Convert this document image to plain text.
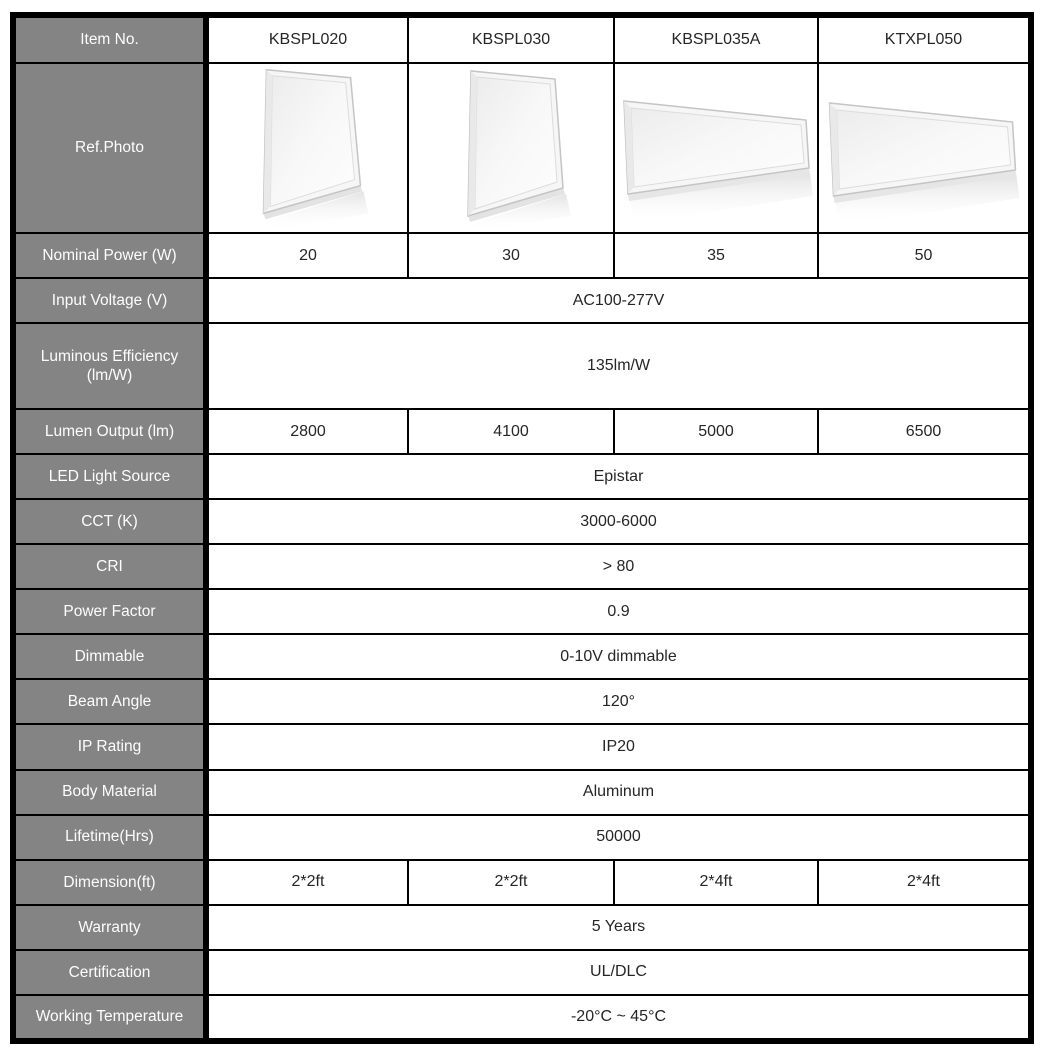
Item No.	KBSPL020	KBSPL030	KBSPL035A	KTXPL050
Ref.Photo	

Nominal Power (W)	20	30	35	50
Input Voltage (V)	AC100-277V			
Luminous Efficiency (lm/W)	135lm/W			
Lumen Output (lm)	2800	4100	5000	6500
LED Light Source	Epistar			
CCT (K)	3000-6000			
CRI	> 80			
Power Factor	0.9			
Dimmable	0-10V dimmable			
Beam Angle	120°			
IP Rating	IP20			
Body Material	Aluminum			
Lifetime(Hrs)	50000			
Dimension(ft)	2*2ft	2*2ft	2*4ft	2*4ft
Warranty	5 Years			
Certification	UL/DLC			
Working Temperature	-20°C ~ 45°C			
